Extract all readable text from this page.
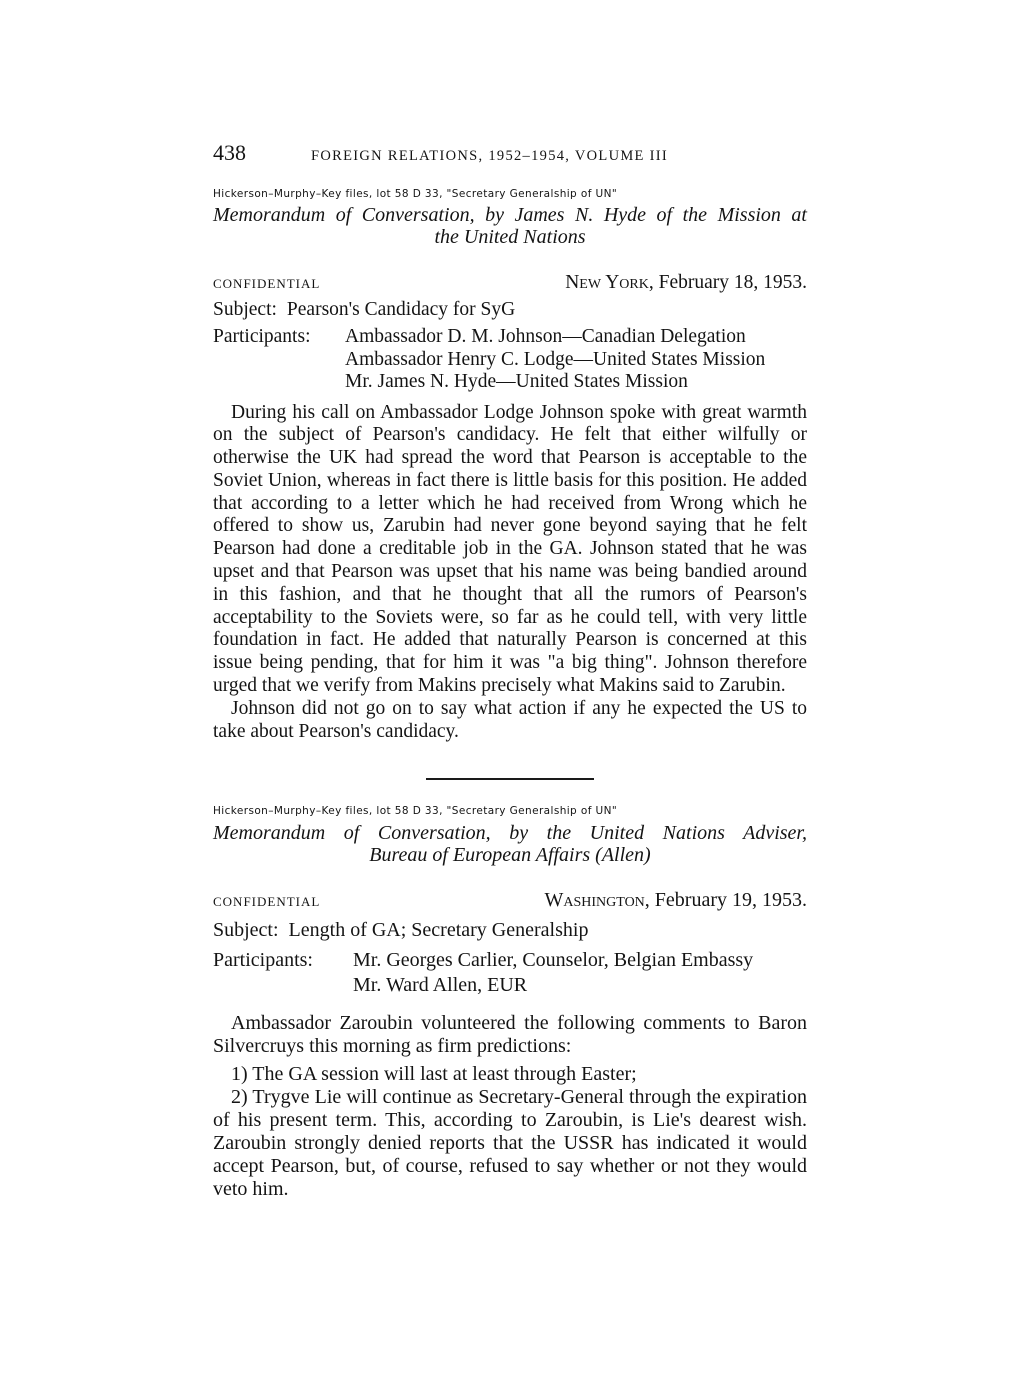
438	FOREIGN RELATIONS, 1952–1954, VOLUME III
Hickerson–Murphy–Key files, lot 58 D 33, "Secretary Generalship of UN"
Memorandum of Conversation, by James N. Hyde of the Mission at
the United Nations
CONFIDENTIAL	New York, February 18, 1953.
Subject: Pearson's Candidacy for SyG
Participants:	Ambassador D. M. Johnson—Canadian Delegation
Ambassador Henry C. Lodge—United States Mission
Mr. James N. Hyde—United States Mission

During his call on Ambassador Lodge Johnson spoke with great warmth on the subject of Pearson's candidacy. He felt that either wilfully or otherwise the UK had spread the word that Pearson is acceptable to the Soviet Union, whereas in fact there is little basis for this position. He added that according to a letter which he had received from Wrong which he offered to show us, Zarubin had never gone beyond saying that he felt Pearson had done a creditable job in the GA. Johnson stated that he was upset and that Pearson was upset that his name was being bandied around in this fashion, and that he thought that all the rumors of Pearson's acceptability to the Soviets were, so far as he could tell, with very little foundation in fact. He added that naturally Pearson is concerned at this issue being pending, that for him it was "a big thing". Johnson therefore urged that we verify from Makins precisely what Makins said to Zarubin.

Johnson did not go on to say what action if any he expected the US to take about Pearson's candidacy.

Hickerson–Murphy–Key files, lot 58 D 33, "Secretary Generalship of UN"
Memorandum of Conversation, by the United Nations Adviser,
Bureau of European Affairs (Allen)
CONFIDENTIAL	Washington, February 19, 1953.
Subject: Length of GA; Secretary Generalship
Participants:	Mr. Georges Carlier, Counselor, Belgian Embassy
Mr. Ward Allen, EUR

Ambassador Zaroubin volunteered the following comments to Baron Silvercruys this morning as firm predictions:

1) The GA session will last at least through Easter;

2) Trygve Lie will continue as Secretary-General through the expiration of his present term. This, according to Zaroubin, is Lie's dearest wish. Zaroubin strongly denied reports that the USSR has indicated it would accept Pearson, but, of course, refused to say whether or not they would veto him.
